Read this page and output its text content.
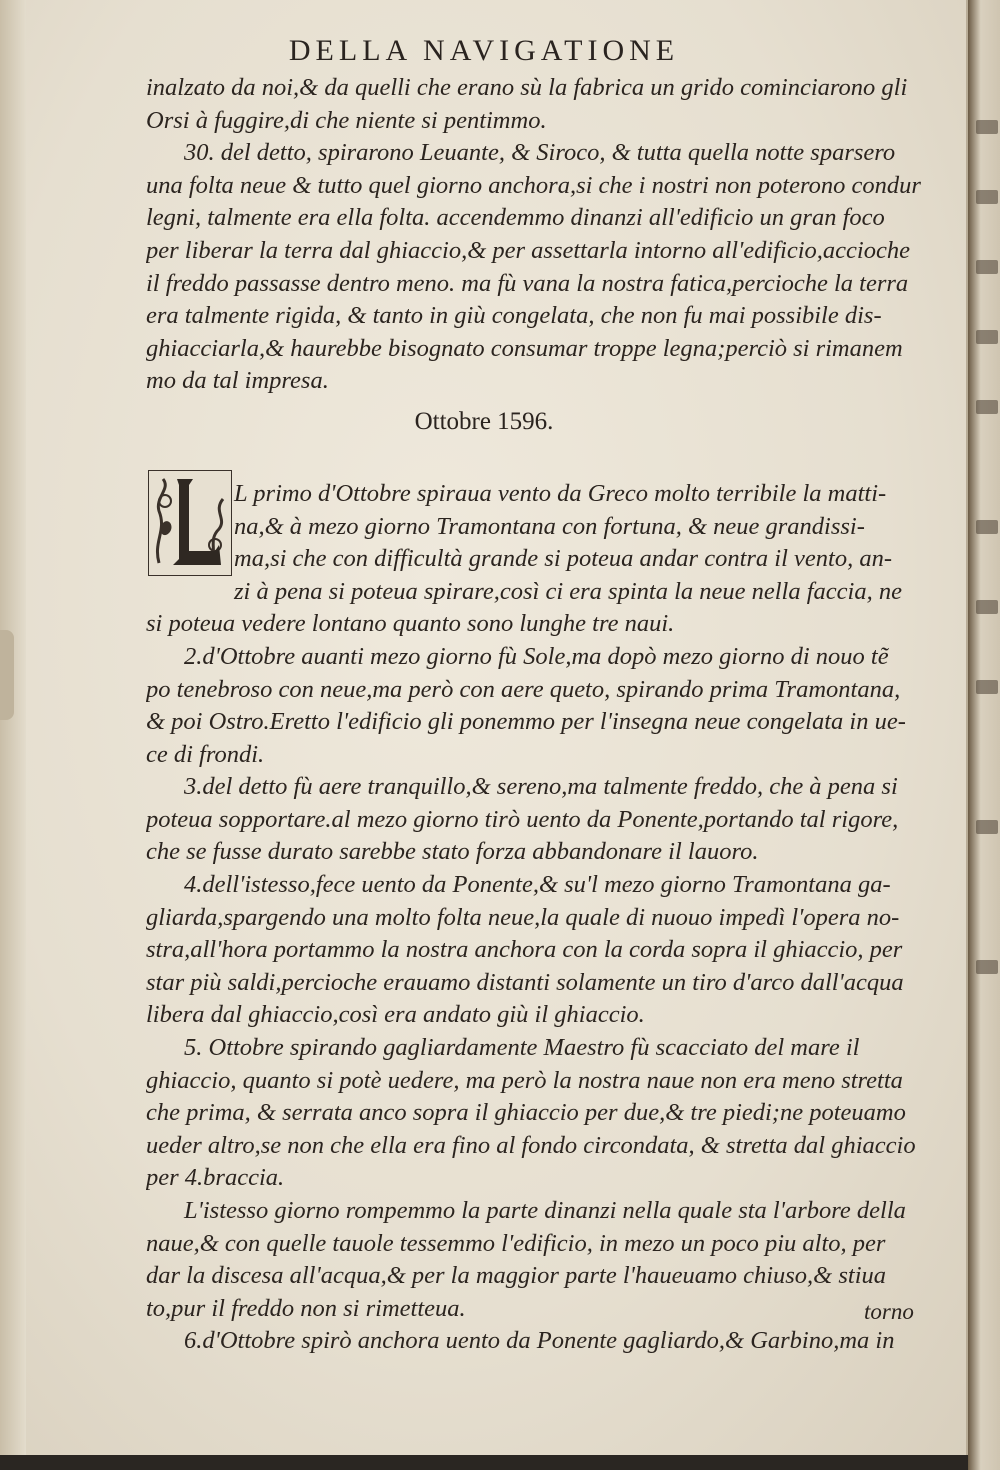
DELLA NAVIGATIONE
inalzato da noi,& da quelli che erano sù la fabrica un grido cominciarono gli
Orsi à fuggire,di che niente si pentimmo.
30. del detto, spirarono Leuante, & Siroco, & tutta quella notte sparsero
una folta neue & tutto quel giorno anchora,si che i nostri non poterono condur
legni, talmente era ella folta. accendemmo dinanzi all'edificio un gran foco
per liberar la terra dal ghiaccio,& per assettarla intorno all'edificio,accioche
il freddo passasse dentro meno. ma fù vana la nostra fatica,percioche la terra
era talmente rigida, & tanto in giù congelata, che non fu mai possibile dis-
ghiacciarla,& haurebbe bisognato consumar troppe legna;perciò si rimanem
mo da tal impresa.
L primo d'Ottobre spiraua vento da Greco molto terribile la matti-
na,& à mezo giorno Tramontana con fortuna, & neue grandissi-
ma,si che con difficultà grande si poteua andar contra il vento, an-
zi à pena si poteua spirare,così ci era spinta la neue nella faccia, ne
si poteua vedere lontano quanto sono lunghe tre naui.
2.d'Ottobre auanti mezo giorno fù Sole,ma dopò mezo giorno di nouo tẽ
po tenebroso con neue,ma però con aere queto, spirando prima Tramontana,
& poi Ostro.Eretto l'edificio gli ponemmo per l'insegna neue congelata in ue-
ce di frondi.
3.del detto fù aere tranquillo,& sereno,ma talmente freddo, che à pena si
poteua sopportare.al mezo giorno tirò uento da Ponente,portando tal rigore,
che se fusse durato sarebbe stato forza abbandonare il lauoro.
4.dell'istesso,fece uento da Ponente,& su'l mezo giorno Tramontana ga-
gliarda,spargendo una molto folta neue,la quale di nuouo impedì l'opera no-
stra,all'hora portammo la nostra anchora con la corda sopra il ghiaccio, per
star più saldi,percioche erauamo distanti solamente un tiro d'arco dall'acqua
libera dal ghiaccio,così era andato giù il ghiaccio.
5. Ottobre spirando gagliardamente Maestro fù scacciato del mare il
ghiaccio, quanto si potè uedere, ma però la nostra naue non era meno stretta
che prima, & serrata anco sopra il ghiaccio per due,& tre piedi;ne poteuamo
ueder altro,se non che ella era fino al fondo circondata, & stretta dal ghiaccio
per 4.braccia.
L'istesso giorno rompemmo la parte dinanzi nella quale sta l'arbore della
naue,& con quelle tauole tessemmo l'edificio, in mezo un poco piu alto, per
dar la discesa all'acqua,& per la maggior parte l'haueuamo chiuso,& stiua
to,pur il freddo non si rimetteua.
6.d'Ottobre spirò anchora uento da Ponente gagliardo,& Garbino,ma in
Ottobre 1596.
torno
